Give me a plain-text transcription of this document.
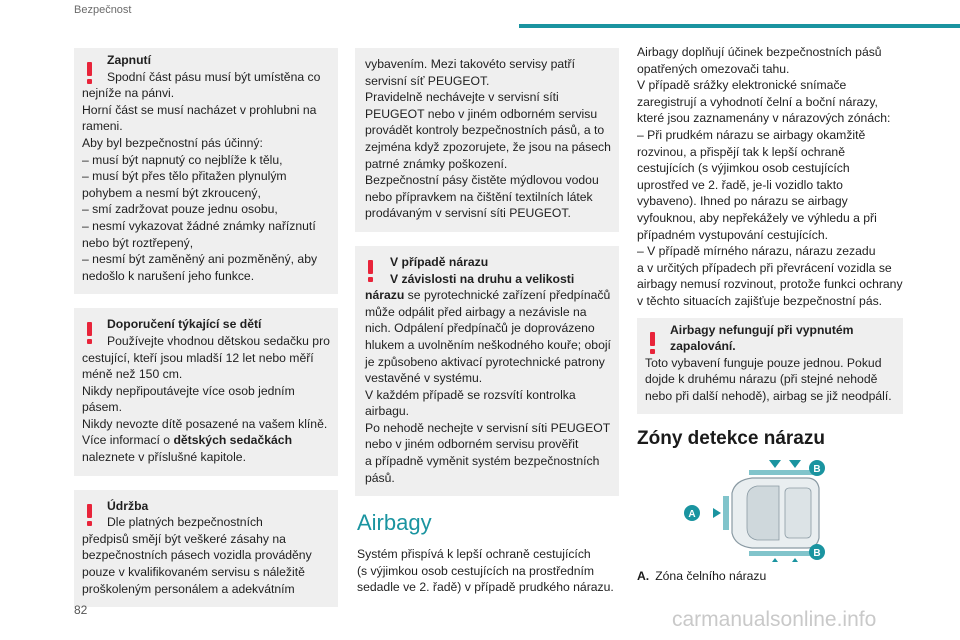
Bezpečnost
Zapnutí
Spodní část pásu musí být umístěna co
nejníže na pánvi.
Horní část se musí nacházet v prohlubni na
rameni.
Aby byl bezpečnostní pás účinný:
– musí být napnutý co nejblíže k tělu,
– musí být přes tělo přitažen plynulým
pohybem a nesmí být zkroucený,
– smí zadržovat pouze jednu osobu,
– nesmí vykazovat žádné známky naříznutí
nebo být roztřepený,
– nesmí být zaměněný ani pozměněný, aby
nedošlo k narušení jeho funkce.
Doporučení týkající se dětí
Používejte vhodnou dětskou sedačku pro
cestující, kteří jsou mladší 12 let nebo měří
méně než 150 cm.
Nikdy nepřipoutávejte více osob jedním
pásem.
Nikdy nevozte dítě posazené na vašem klíně.
Více informací o dětských sedačkách
naleznete v příslušné kapitole.
Údržba
Dle platných bezpečnostních
předpisů smějí být veškeré zásahy na
bezpečnostních pásech vozidla prováděny
pouze v kvalifikovaném servisu s náležitě
proškoleným personálem a adekvátním
vybavením. Mezi takovéto servisy patří
servisní síť PEUGEOT.
Pravidelně nechávejte v servisní síti
PEUGEOT nebo v jiném odborném servisu
provádět kontroly bezpečnostních pásů, a to
zejména když zpozorujete, že jsou na pásech
patrné známky poškození.
Bezpečnostní pásy čistěte mýdlovou vodou
nebo přípravkem na čištění textilních látek
prodávaným v servisní síti PEUGEOT.
V případě nárazu
V závislosti na druhu a velikosti
nárazu se pyrotechnické zařízení předpínačů
může odpálit před airbagy a nezávisle na
nich. Odpálení předpínačů je doprovázeno
hlukem a uvolněním neškodného kouře; obojí
je způsobeno aktivací pyrotechnické patrony
vestavěné v systému.
V každém případě se rozsvítí kontrolka
airbagu.
Po nehodě nechejte v servisní síti PEUGEOT
nebo v jiném odborném servisu prověřit
a případně vyměnit systém bezpečnostních
pásů.
Airbagy
Systém přispívá k lepší ochraně cestujících
(s výjimkou osob cestujících na prostředním
sedadle ve 2. řadě) v případě prudkého nárazu.
Airbagy doplňují účinek bezpečnostních pásů
opatřených omezovači tahu.
V případě srážky elektronické snímače
zaregistrují a vyhodnotí čelní a boční nárazy,
které jsou zaznamenány v nárazových zónách:
– Při prudkém nárazu se airbagy okamžitě
rozvinou, a přispějí tak k lepší ochraně
cestujících (s výjimkou osob cestujících
uprostřed ve 2. řadě, je-li vozidlo takto
vybaveno). Ihned po nárazu se airbagy
vyfouknou, aby nepřekážely ve výhledu a při
případném vystupování cestujících.
– V případě mírného nárazu, nárazu zezadu
a v určitých případech při převrácení vozidla se
airbagy nemusí rozvinout, protože funkci ochrany
v těchto situacích zajišťuje bezpečnostní pás.
Airbagy nefungují při vypnutém
zapalování.
Toto vybavení funguje pouze jednou. Pokud
dojde k druhému nárazu (při stejné nehodě
nebo při další nehodě), airbag se již neodpálí.
Zóny detekce nárazu
A
B
B
A. Zóna čelního nárazu
82	carmanualsonline.info
